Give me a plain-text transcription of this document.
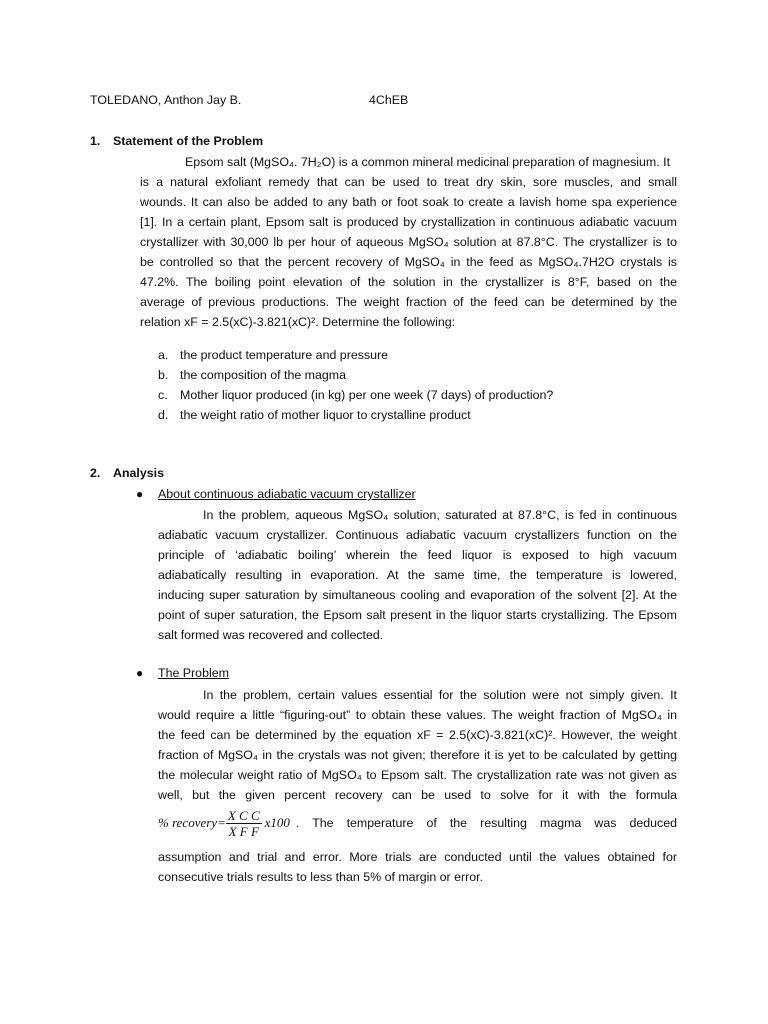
TOLEDANO, Anthon Jay B.	4ChEB
1. Statement of the Problem
Epsom salt (MgSO₄. 7H₂O) is a common mineral medicinal preparation of magnesium. It
is a natural exfoliant remedy that can be used to treat dry skin, sore muscles, and small
wounds. It can also be added to any bath or foot soak to create a lavish home spa experience
[1]. In a certain plant, Epsom salt is produced by crystallization in continuous adiabatic vacuum
crystallizer with 30,000 lb per hour of aqueous MgSO₄ solution at 87.8°C. The crystallizer is to
be controlled so that the percent recovery of MgSO₄ in the feed as MgSO₄.7H2O crystals is
47.2%. The boiling point elevation of the solution in the crystallizer is 8°F, based on the
average of previous productions. The weight fraction of the feed can be determined by the
relation xF = 2.5(xC)-3.821(xC)². Determine the following:
a. the product temperature and pressure
b. the composition of the magma
c. Mother liquor produced (in kg) per one week (7 days) of production?
d. the weight ratio of mother liquor to crystalline product
2. Analysis
● About continuous adiabatic vacuum crystallizer
In the problem, aqueous MgSO₄ solution, saturated at 87.8°C, is fed in continuous
adiabatic vacuum crystallizer. Continuous adiabatic vacuum crystallizers function on the
principle of ‘adiabatic boiling’ wherein the feed liquor is exposed to high vacuum
adiabatically resulting in evaporation. At the same time, the temperature is lowered,
inducing super saturation by simultaneous cooling and evaporation of the solvent [2]. At the
point of super saturation, the Epsom salt present in the liquor starts crystallizing. The Epsom
salt formed was recovered and collected.
● The Problem
In the problem, certain values essential for the solution were not simply given. It
would require a little “figuring-out” to obtain these values. The weight fraction of MgSO₄ in
the feed can be determined by the equation xF = 2.5(xC)-3.821(xC)². However, the weight
fraction of MgSO₄ in the crystals was not given; therefore it is yet to be calculated by getting
the molecular weight ratio of MgSO₄ to Epsom salt. The crystallization rate was not given as
well, but the given percent recovery can be used to solve for it with the formula
% recovery= $\frac{\text{X C C}}{\text{X F F}} x100$ . The temperature of the resulting magma was deduced
assumption and trial and error. More trials are conducted until the values obtained for
consecutive trials results to less than 5% of margin or error.
